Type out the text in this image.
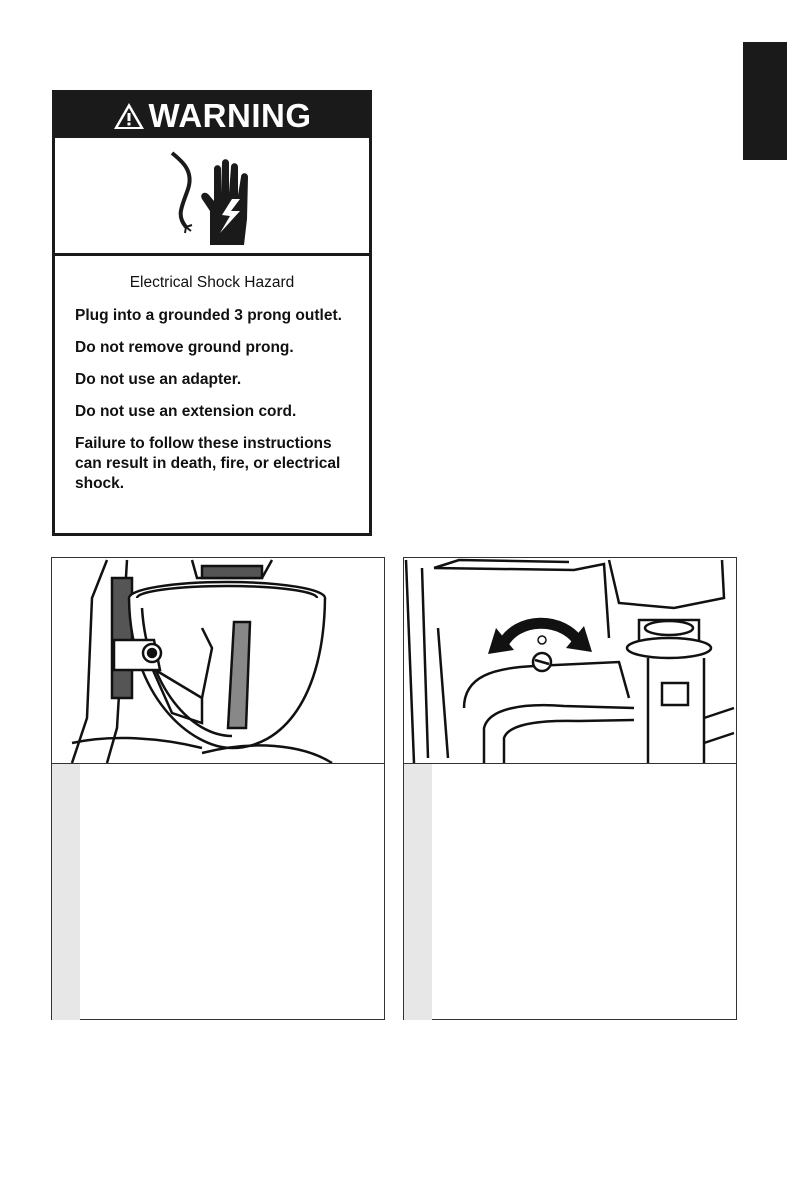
WARNING

Electrical Shock Hazard

Plug into a grounded 3 prong outlet.

Do not remove ground prong.

Do not use an adapter.

Do not use an extension cord.

Failure to follow these instructions can result in death, fire, or electrical shock.
